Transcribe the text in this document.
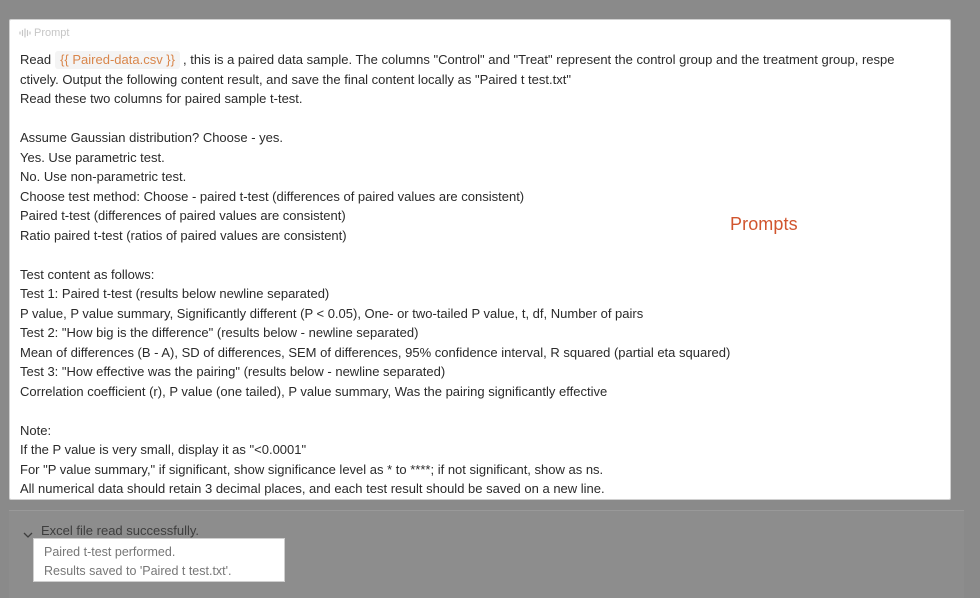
Prompt
Read {{ Paired-data.csv }} , this is a paired data sample. The columns "Control" and "Treat" represent the control group and the treatment group, respe
ctively. Output the following content result, and save the final content locally as "Paired t test.txt"
Read these two columns for paired sample t-test.
Assume Gaussian distribution? Choose - yes.
Yes. Use parametric test.
No. Use non-parametric test.
Choose test method: Choose - paired t-test (differences of paired values are consistent)
Paired t-test (differences of paired values are consistent)
Ratio paired t-test (ratios of paired values are consistent)
Test content as follows:
Test 1: Paired t-test (results below newline separated)
P value, P value summary, Significantly different (P < 0.05), One- or two-tailed P value, t, df, Number of pairs
Test 2: "How big is the difference" (results below - newline separated)
Mean of differences (B - A), SD of differences, SEM of differences, 95% confidence interval, R squared (partial eta squared)
Test 3: "How effective was the pairing" (results below - newline separated)
Correlation coefficient (r), P value (one tailed), P value summary, Was the pairing significantly effective
Note:
If the P value is very small, display it as "<0.0001"
For "P value summary," if significant, show significance level as * to ****; if not significant, show as ns.
All numerical data should retain 3 decimal places, and each test result should be saved on a new line.
Prompts
Excel file read successfully.
Paired t-test performed.
Results saved to 'Paired t test.txt'.
